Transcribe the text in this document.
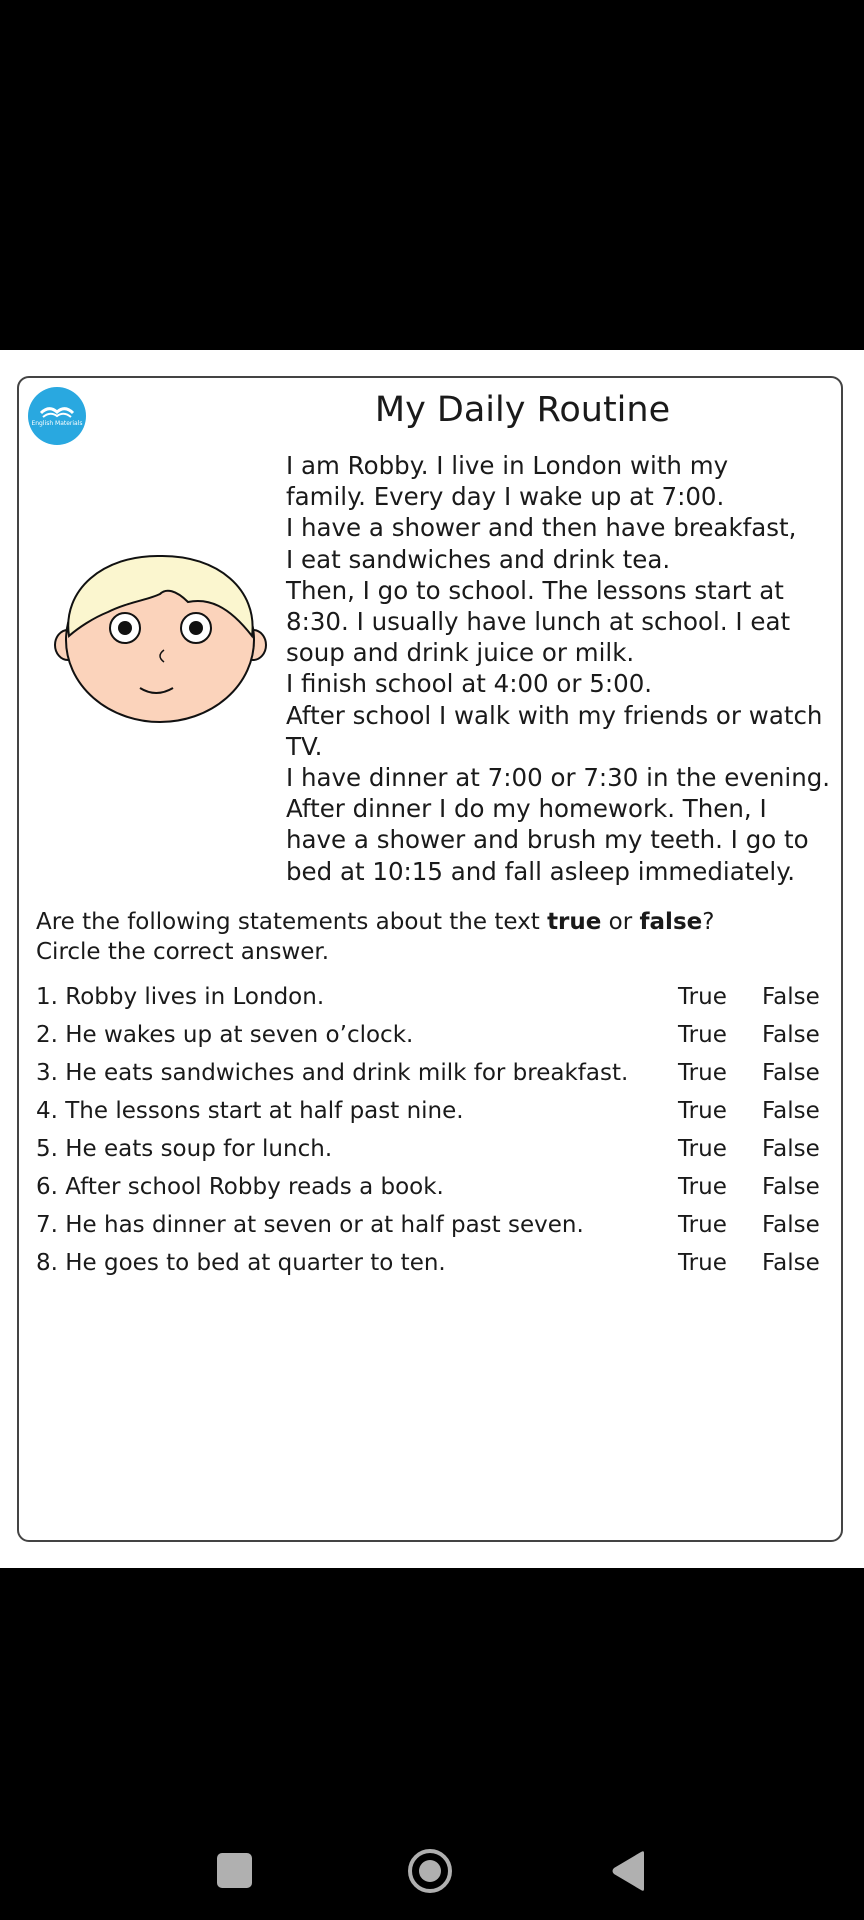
English Materials	My Daily Routine
I am Robby. I live in London with my
family. Every day I wake up at 7:00.
I have a shower and then have breakfast,
I eat sandwiches and drink tea.
Then, I go to school. The lessons start at
8:30. I usually have lunch at school. I eat
soup and drink juice or milk.
I finish school at 4:00 or 5:00.
After school I walk with my friends or watch
TV.
I have dinner at 7:00 or 7:30 in the evening.
After dinner I do my homework. Then, I
have a shower and brush my teeth. I go to
bed at 10:15 and fall asleep immediately.
Are the following statements about the text true or false?
Circle the correct answer.
1. Robby lives in London.	True False
2. He wakes up at seven o’clock.	True False
3. He eats sandwiches and drink milk for breakfast. True False
4. The lessons start at half past nine.	True False
5. He eats soup for lunch.	True False
6. After school Robby reads a book.	True False
7. He has dinner at seven or at half past seven.	True False
8. He goes to bed at quarter to ten.	True False
